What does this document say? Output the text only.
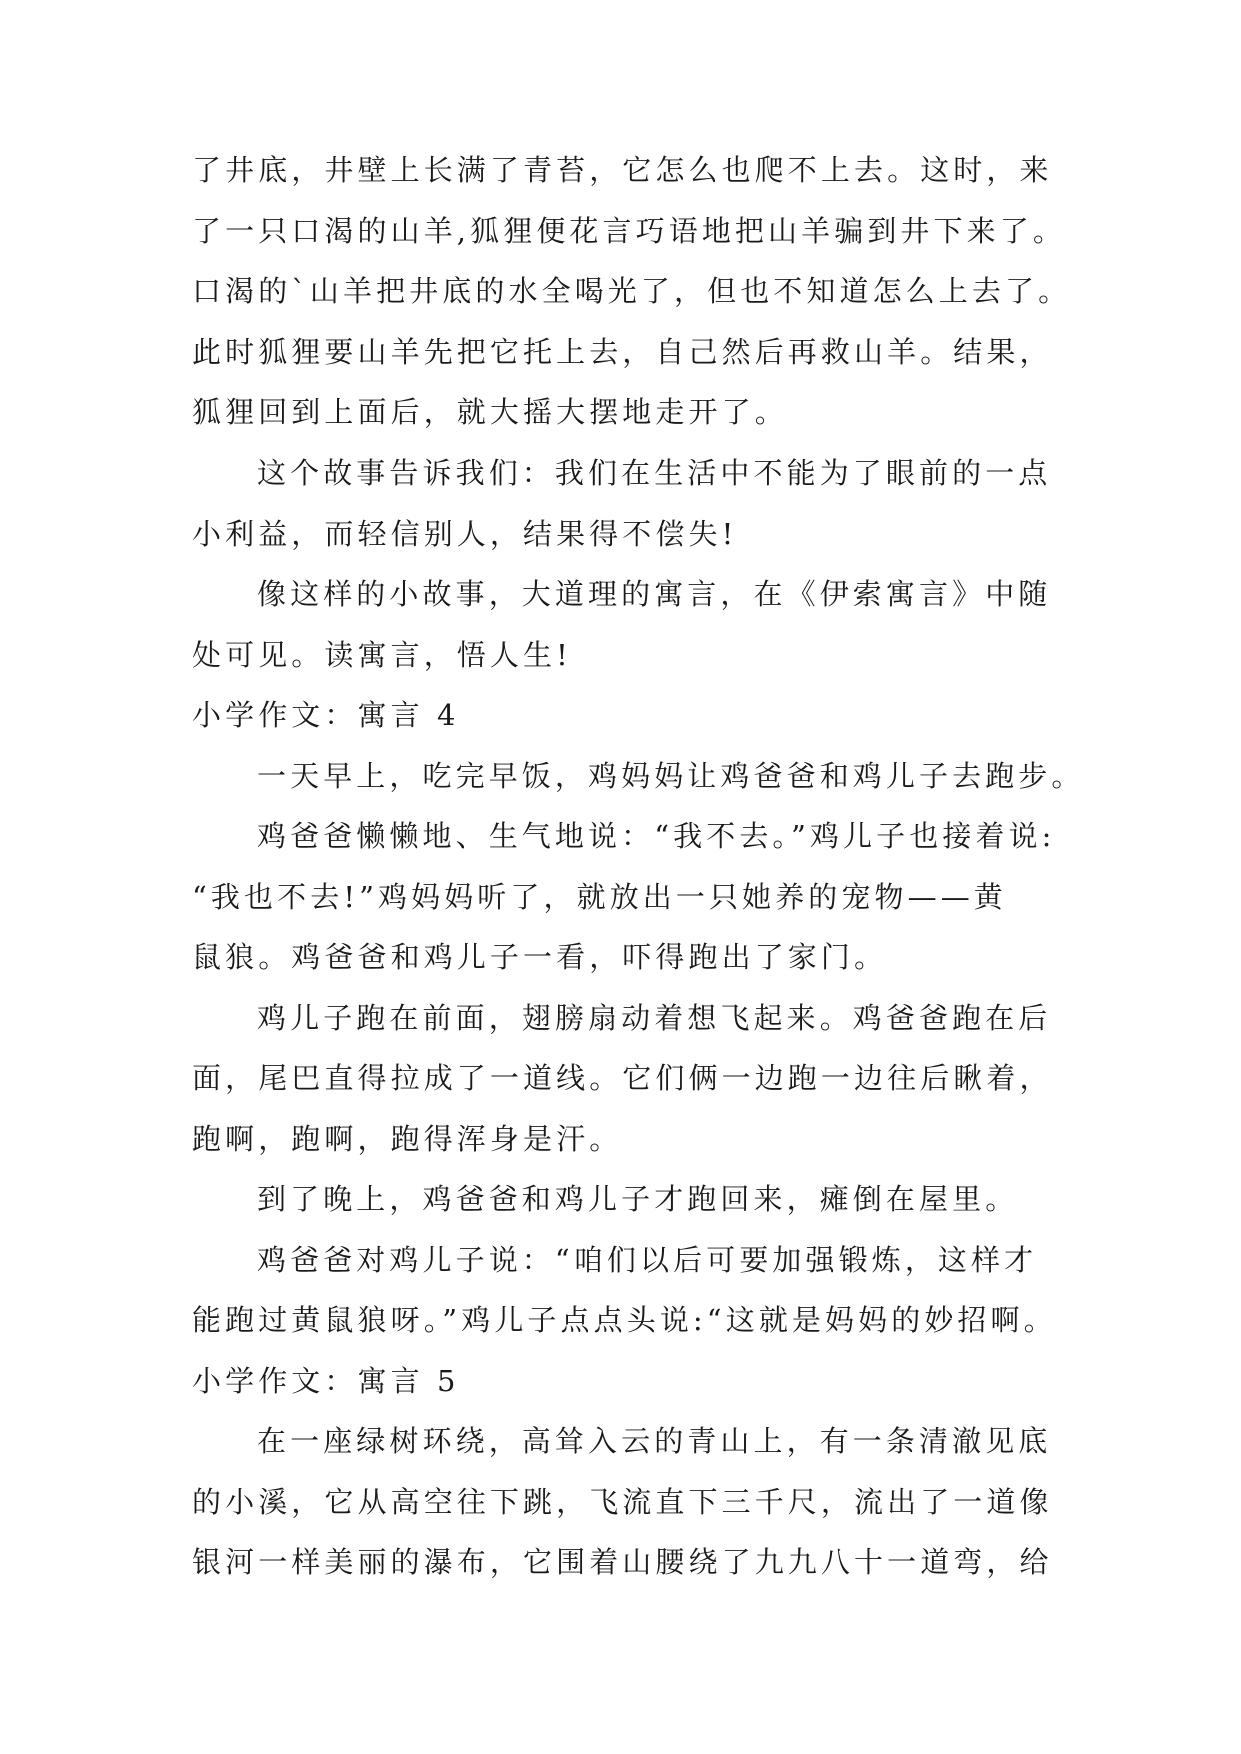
了井底，井壁上长满了青苔，它怎么也爬不上去。这时，来
了一只口渴的山羊,狐狸便花言巧语地把山羊骗到井下来了。
口渴的`山羊把井底的水全喝光了，但也不知道怎么上去了。
此时狐狸要山羊先把它托上去，自己然后再救山羊。结果，
狐狸回到上面后，就大摇大摆地走开了。
这个故事告诉我们：我们在生活中不能为了眼前的一点
小利益，而轻信别人，结果得不偿失!
像这样的小故事，大道理的寓言，在《伊索寓言》中随
处可见。读寓言，悟人生!
小学作文：寓言 4
一天早上，吃完早饭，鸡妈妈让鸡爸爸和鸡儿子去跑步。
鸡爸爸懒懒地、生气地说：“我不去。”鸡儿子也接着说:
“我也不去!”鸡妈妈听了，就放出一只她养的宠物——黄
鼠狼。鸡爸爸和鸡儿子一看，吓得跑出了家门。
鸡儿子跑在前面，翅膀扇动着想飞起来。鸡爸爸跑在后
面，尾巴直得拉成了一道线。它们俩一边跑一边往后瞅着，
跑啊，跑啊，跑得浑身是汗。
到了晚上，鸡爸爸和鸡儿子才跑回来，瘫倒在屋里。
鸡爸爸对鸡儿子说：“咱们以后可要加强锻炼，这样才
能跑过黄鼠狼呀。”鸡儿子点点头说:“这就是妈妈的妙招啊。
小学作文：寓言 5
在一座绿树环绕，高耸入云的青山上，有一条清澈见底
的小溪，它从高空往下跳，飞流直下三千尺，流出了一道像
银河一样美丽的瀑布，它围着山腰绕了九九八十一道弯，给
